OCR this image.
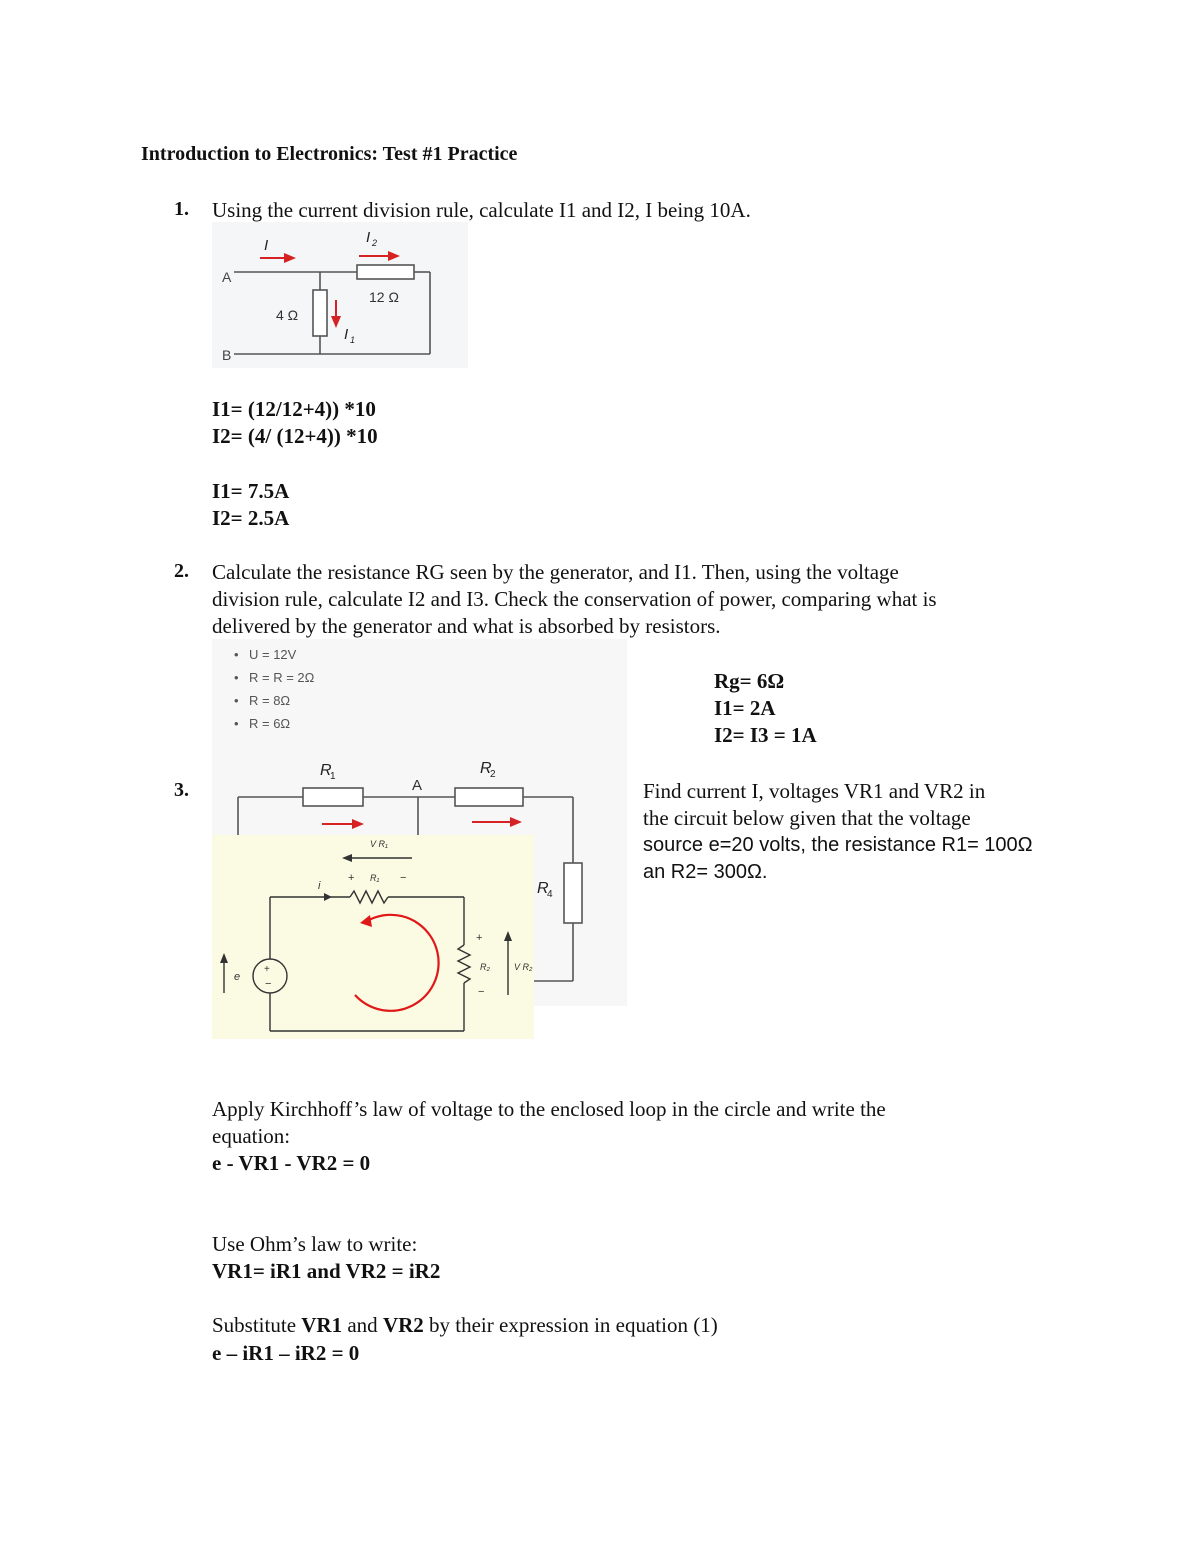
Introduction to Electronics: Test #1 Practice
1. Using the current division rule, calculate I1 and I2, I being 10A.
A
B
I	I 2
I 1
4 Ω
12 Ω
I1= (12/12+4)) *10
I2= (4/ (12+4)) *10
I1= 7.5A
I2= 2.5A
2. Calculate the resistance RG seen by the generator, and I1. Then, using the voltage
division rule, calculate I2 and I3. Check the conservation of power, comparing what is
delivered by the generator and what is absorbed by resistors.
• U = 12V
• R = R = 2Ω
• R = 8Ω
• R = 6Ω
R
1	R
2
R
4
A
+
−
e
i
+ R₁ −
V R₁
+
R₂
−
V R₂
Rg= 6Ω
I1= 2A
I2= I3 = 1A
3.	Find current I, voltages VR1 and VR2 in
the circuit below given that the voltage
source e=20 volts, the resistance R1= 100Ω
an R2= 300Ω.
Apply Kirchhoff’s law of voltage to the enclosed loop in the circle and write the
equation:
e - VR1 - VR2 = 0
Use Ohm’s law to write:
VR1= iR1 and VR2 = iR2
Substitute VR1 and VR2 by their expression in equation (1)
e – iR1 – iR2 = 0
